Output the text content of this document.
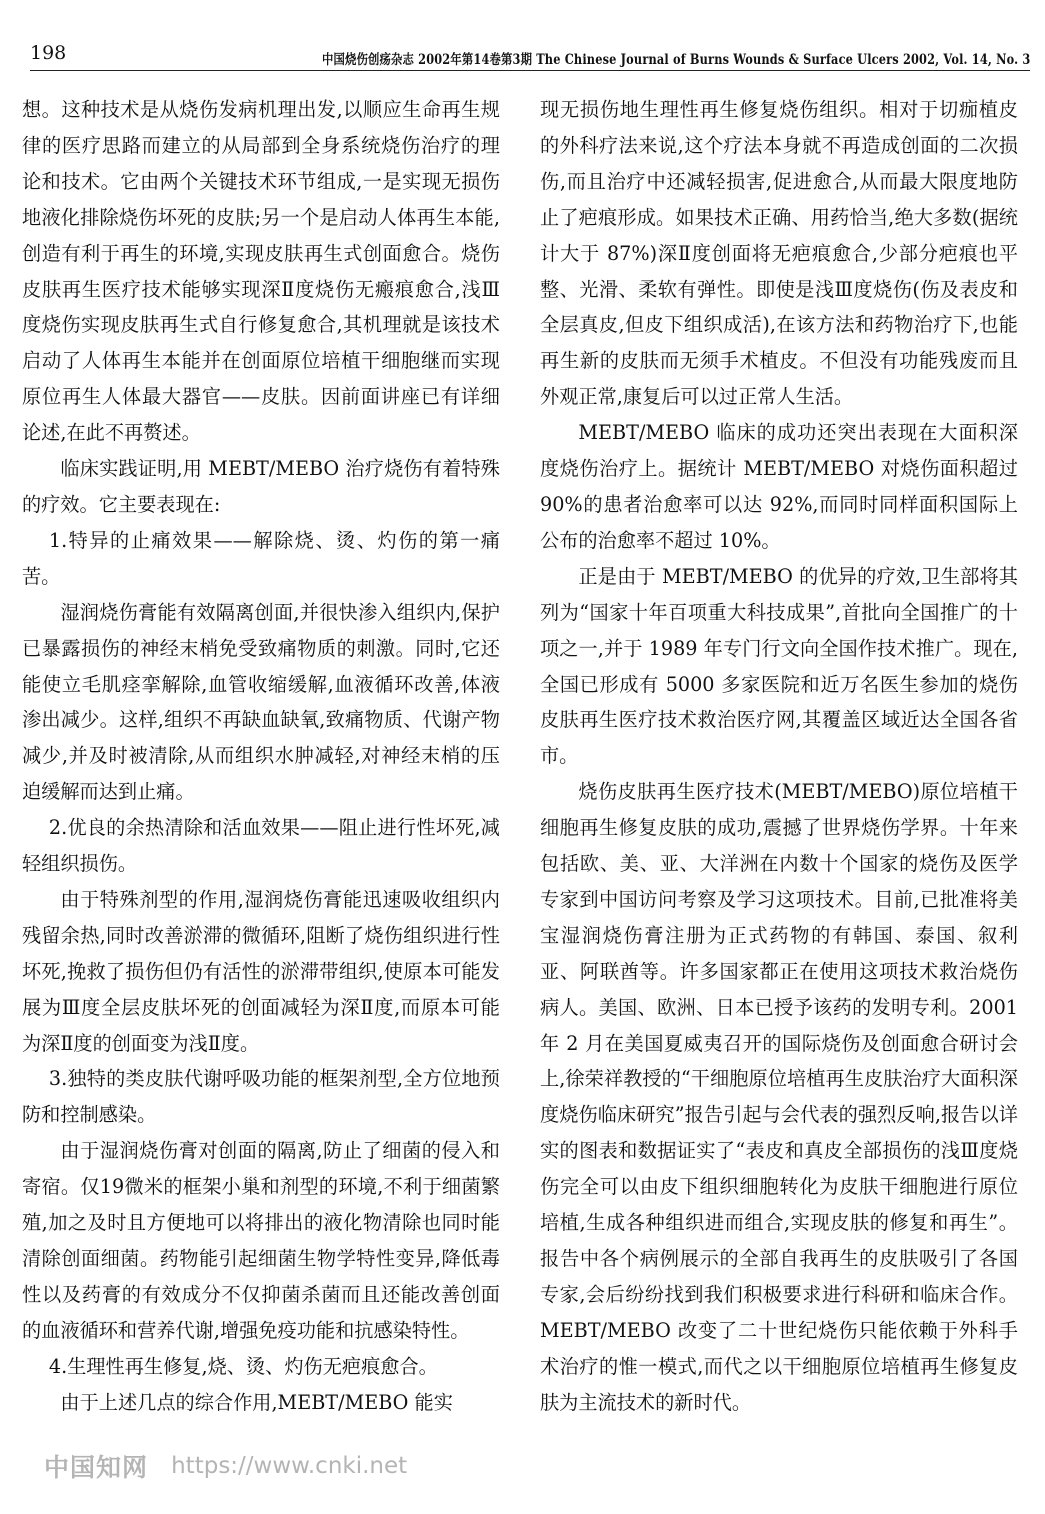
198	中国烧伤创疡杂志 2002年第14卷第3期 The Chinese Journal of Burns Wounds & Surface Ulcers 2002, Vol. 14, No. 3

想。这种技术是从烧伤发病机理出发,以顺应生命再生规律的医疗思路而建立的从局部到全身系统烧伤治疗的理论和技术。它由两个关键技术环节组成,一是实现无损伤地液化排除烧伤坏死的皮肤;另一个是启动人体再生本能,创造有利于再生的环境,实现皮肤再生式创面愈合。烧伤皮肤再生医疗技术能够实现深Ⅱ度烧伤无瘢痕愈合,浅Ⅲ度烧伤实现皮肤再生式自行修复愈合,其机理就是该技术启动了人体再生本能并在创面原位培植干细胞继而实现原位再生人体最大器官——皮肤。因前面讲座已有详细论述,在此不再赘述。

临床实践证明,用 MEBT/MEBO 治疗烧伤有着特殊的疗效。它主要表现在:

1.特异的止痛效果——解除烧、烫、灼伤的第一痛苦。

湿润烧伤膏能有效隔离创面,并很快渗入组织内,保护已暴露损伤的神经末梢免受致痛物质的刺激。同时,它还能使立毛肌痉挛解除,血管收缩缓解,血液循环改善,体液渗出减少。这样,组织不再缺血缺氧,致痛物质、代谢产物减少,并及时被清除,从而组织水肿减轻,对神经末梢的压迫缓解而达到止痛。

2.优良的余热清除和活血效果——阻止进行性坏死,减轻组织损伤。

由于特殊剂型的作用,湿润烧伤膏能迅速吸收组织内残留余热,同时改善淤滞的微循环,阻断了烧伤组织进行性坏死,挽救了损伤但仍有活性的淤滞带组织,使原本可能发展为Ⅲ度全层皮肤坏死的创面减轻为深Ⅱ度,而原本可能为深Ⅱ度的创面变为浅Ⅱ度。

3.独特的类皮肤代谢呼吸功能的框架剂型,全方位地预防和控制感染。

由于湿润烧伤膏对创面的隔离,防止了细菌的侵入和寄宿。仅19微米的框架小巢和剂型的环境,不利于细菌繁殖,加之及时且方便地可以将排出的液化物清除也同时能清除创面细菌。药物能引起细菌生物学特性变异,降低毒性以及药膏的有效成分不仅抑菌杀菌而且还能改善创面的血液循环和营养代谢,增强免疫功能和抗感染特性。

4.生理性再生修复,烧、烫、灼伤无疤痕愈合。

由于上述几点的综合作用,MEBT/MEBO 能实

现无损伤地生理性再生修复烧伤组织。相对于切痂植皮的外科疗法来说,这个疗法本身就不再造成创面的二次损伤,而且治疗中还减轻损害,促进愈合,从而最大限度地防止了疤痕形成。如果技术正确、用药恰当,绝大多数(据统计大于 87%)深Ⅱ度创面将无疤痕愈合,少部分疤痕也平整、光滑、柔软有弹性。即使是浅Ⅲ度烧伤(伤及表皮和全层真皮,但皮下组织成活),在该方法和药物治疗下,也能再生新的皮肤而无须手术植皮。不但没有功能残废而且外观正常,康复后可以过正常人生活。

MEBT/MEBO 临床的成功还突出表现在大面积深度烧伤治疗上。据统计 MEBT/MEBO 对烧伤面积超过 90%的患者治愈率可以达 92%,而同时同样面积国际上公布的治愈率不超过 10%。

正是由于 MEBT/MEBO 的优异的疗效,卫生部将其列为“国家十年百项重大科技成果”,首批向全国推广的十项之一,并于 1989 年专门行文向全国作技术推广。现在,全国已形成有 5000 多家医院和近万名医生参加的烧伤皮肤再生医疗技术救治医疗网,其覆盖区域近达全国各省市。

烧伤皮肤再生医疗技术(MEBT/MEBO)原位培植干细胞再生修复皮肤的成功,震撼了世界烧伤学界。十年来包括欧、美、亚、大洋洲在内数十个国家的烧伤及医学专家到中国访问考察及学习这项技术。目前,已批准将美宝湿润烧伤膏注册为正式药物的有韩国、泰国、叙利亚、阿联酋等。许多国家都正在使用这项技术救治烧伤病人。美国、欧洲、日本已授予该药的发明专利。2001 年 2 月在美国夏威夷召开的国际烧伤及创面愈合研讨会上,徐荣祥教授的“干细胞原位培植再生皮肤治疗大面积深度烧伤临床研究”报告引起与会代表的强烈反响,报告以详实的图表和数据证实了“表皮和真皮全部损伤的浅Ⅲ度烧伤完全可以由皮下组织细胞转化为皮肤干细胞进行原位培植,生成各种组织进而组合,实现皮肤的修复和再生”。报告中各个病例展示的全部自我再生的皮肤吸引了各国专家,会后纷纷找到我们积极要求进行科研和临床合作。MEBT/MEBO 改变了二十世纪烧伤只能依赖于外科手术治疗的惟一模式,而代之以干细胞原位培植再生修复皮肤为主流技术的新时代。

中国知网 https://www.cnki.net
